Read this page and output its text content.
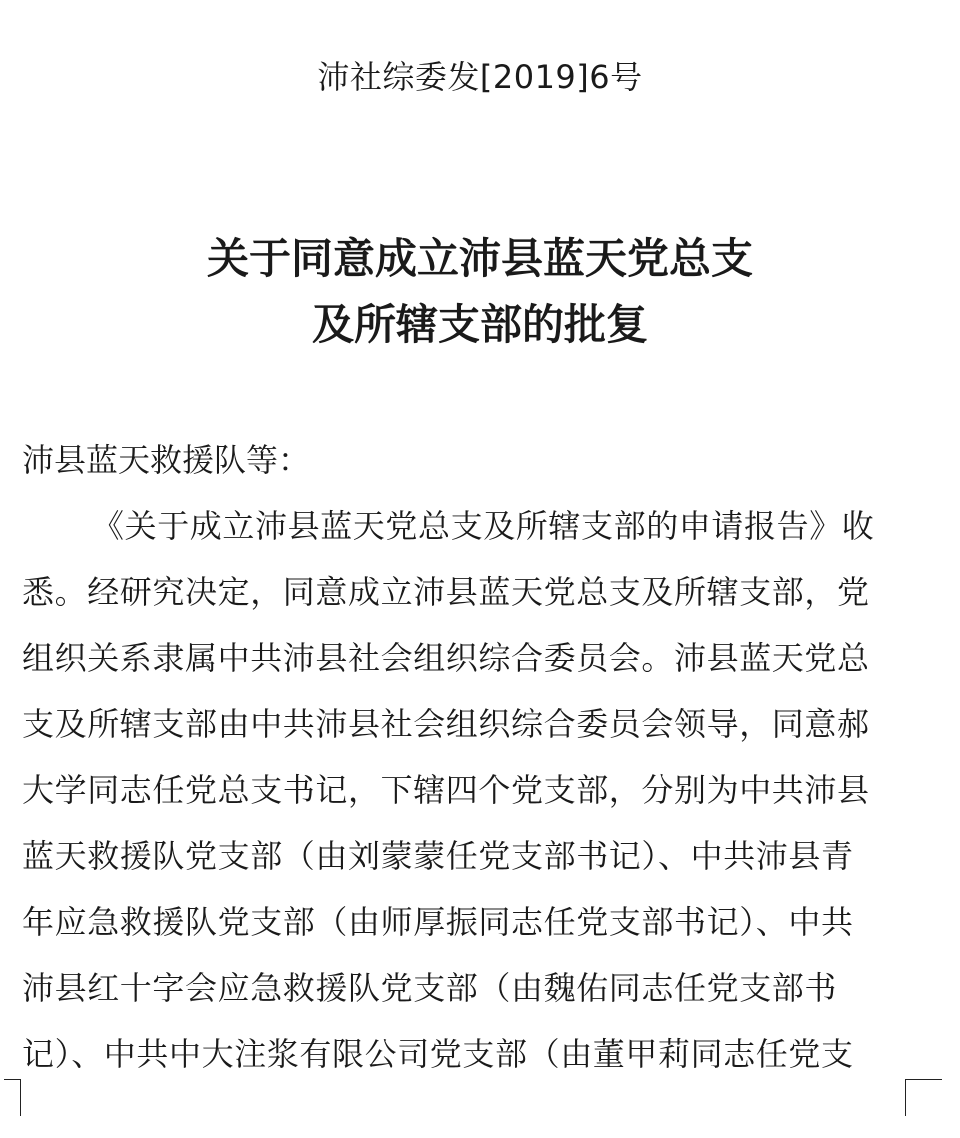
沛社综委发[2019]6号
关于同意成立沛县蓝天党总支
及所辖支部的批复
沛县蓝天救援队等：
《关于成立沛县蓝天党总支及所辖支部的申请报告》收
悉。经研究决定，同意成立沛县蓝天党总支及所辖支部，党
组织关系隶属中共沛县社会组织综合委员会。沛县蓝天党总
支及所辖支部由中共沛县社会组织综合委员会领导，同意郝
大学同志任党总支书记，下辖四个党支部，分别为中共沛县
蓝天救援队党支部（由刘蒙蒙任党支部书记）、中共沛县青
年应急救援队党支部（由师厚振同志任党支部书记）、中共
沛县红十字会应急救援队党支部（由魏佑同志任党支部书
记）、中共中大注浆有限公司党支部（由董甲莉同志任党支
